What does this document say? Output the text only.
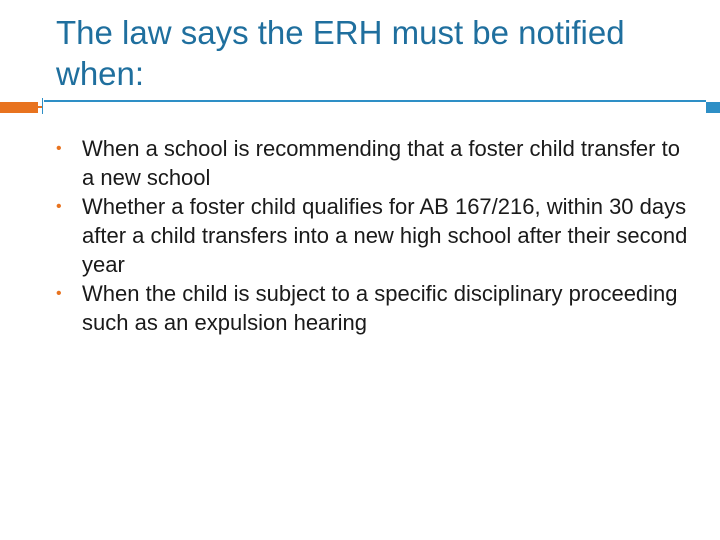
The law says the ERH must be notified when:
• When a school is recommending that a foster child transfer to a new school
• Whether a foster child qualifies for AB 167/216, within 30 days after a child transfers into a new high school after their second year
• When the child is subject to a specific disciplinary proceeding such as an expulsion hearing
